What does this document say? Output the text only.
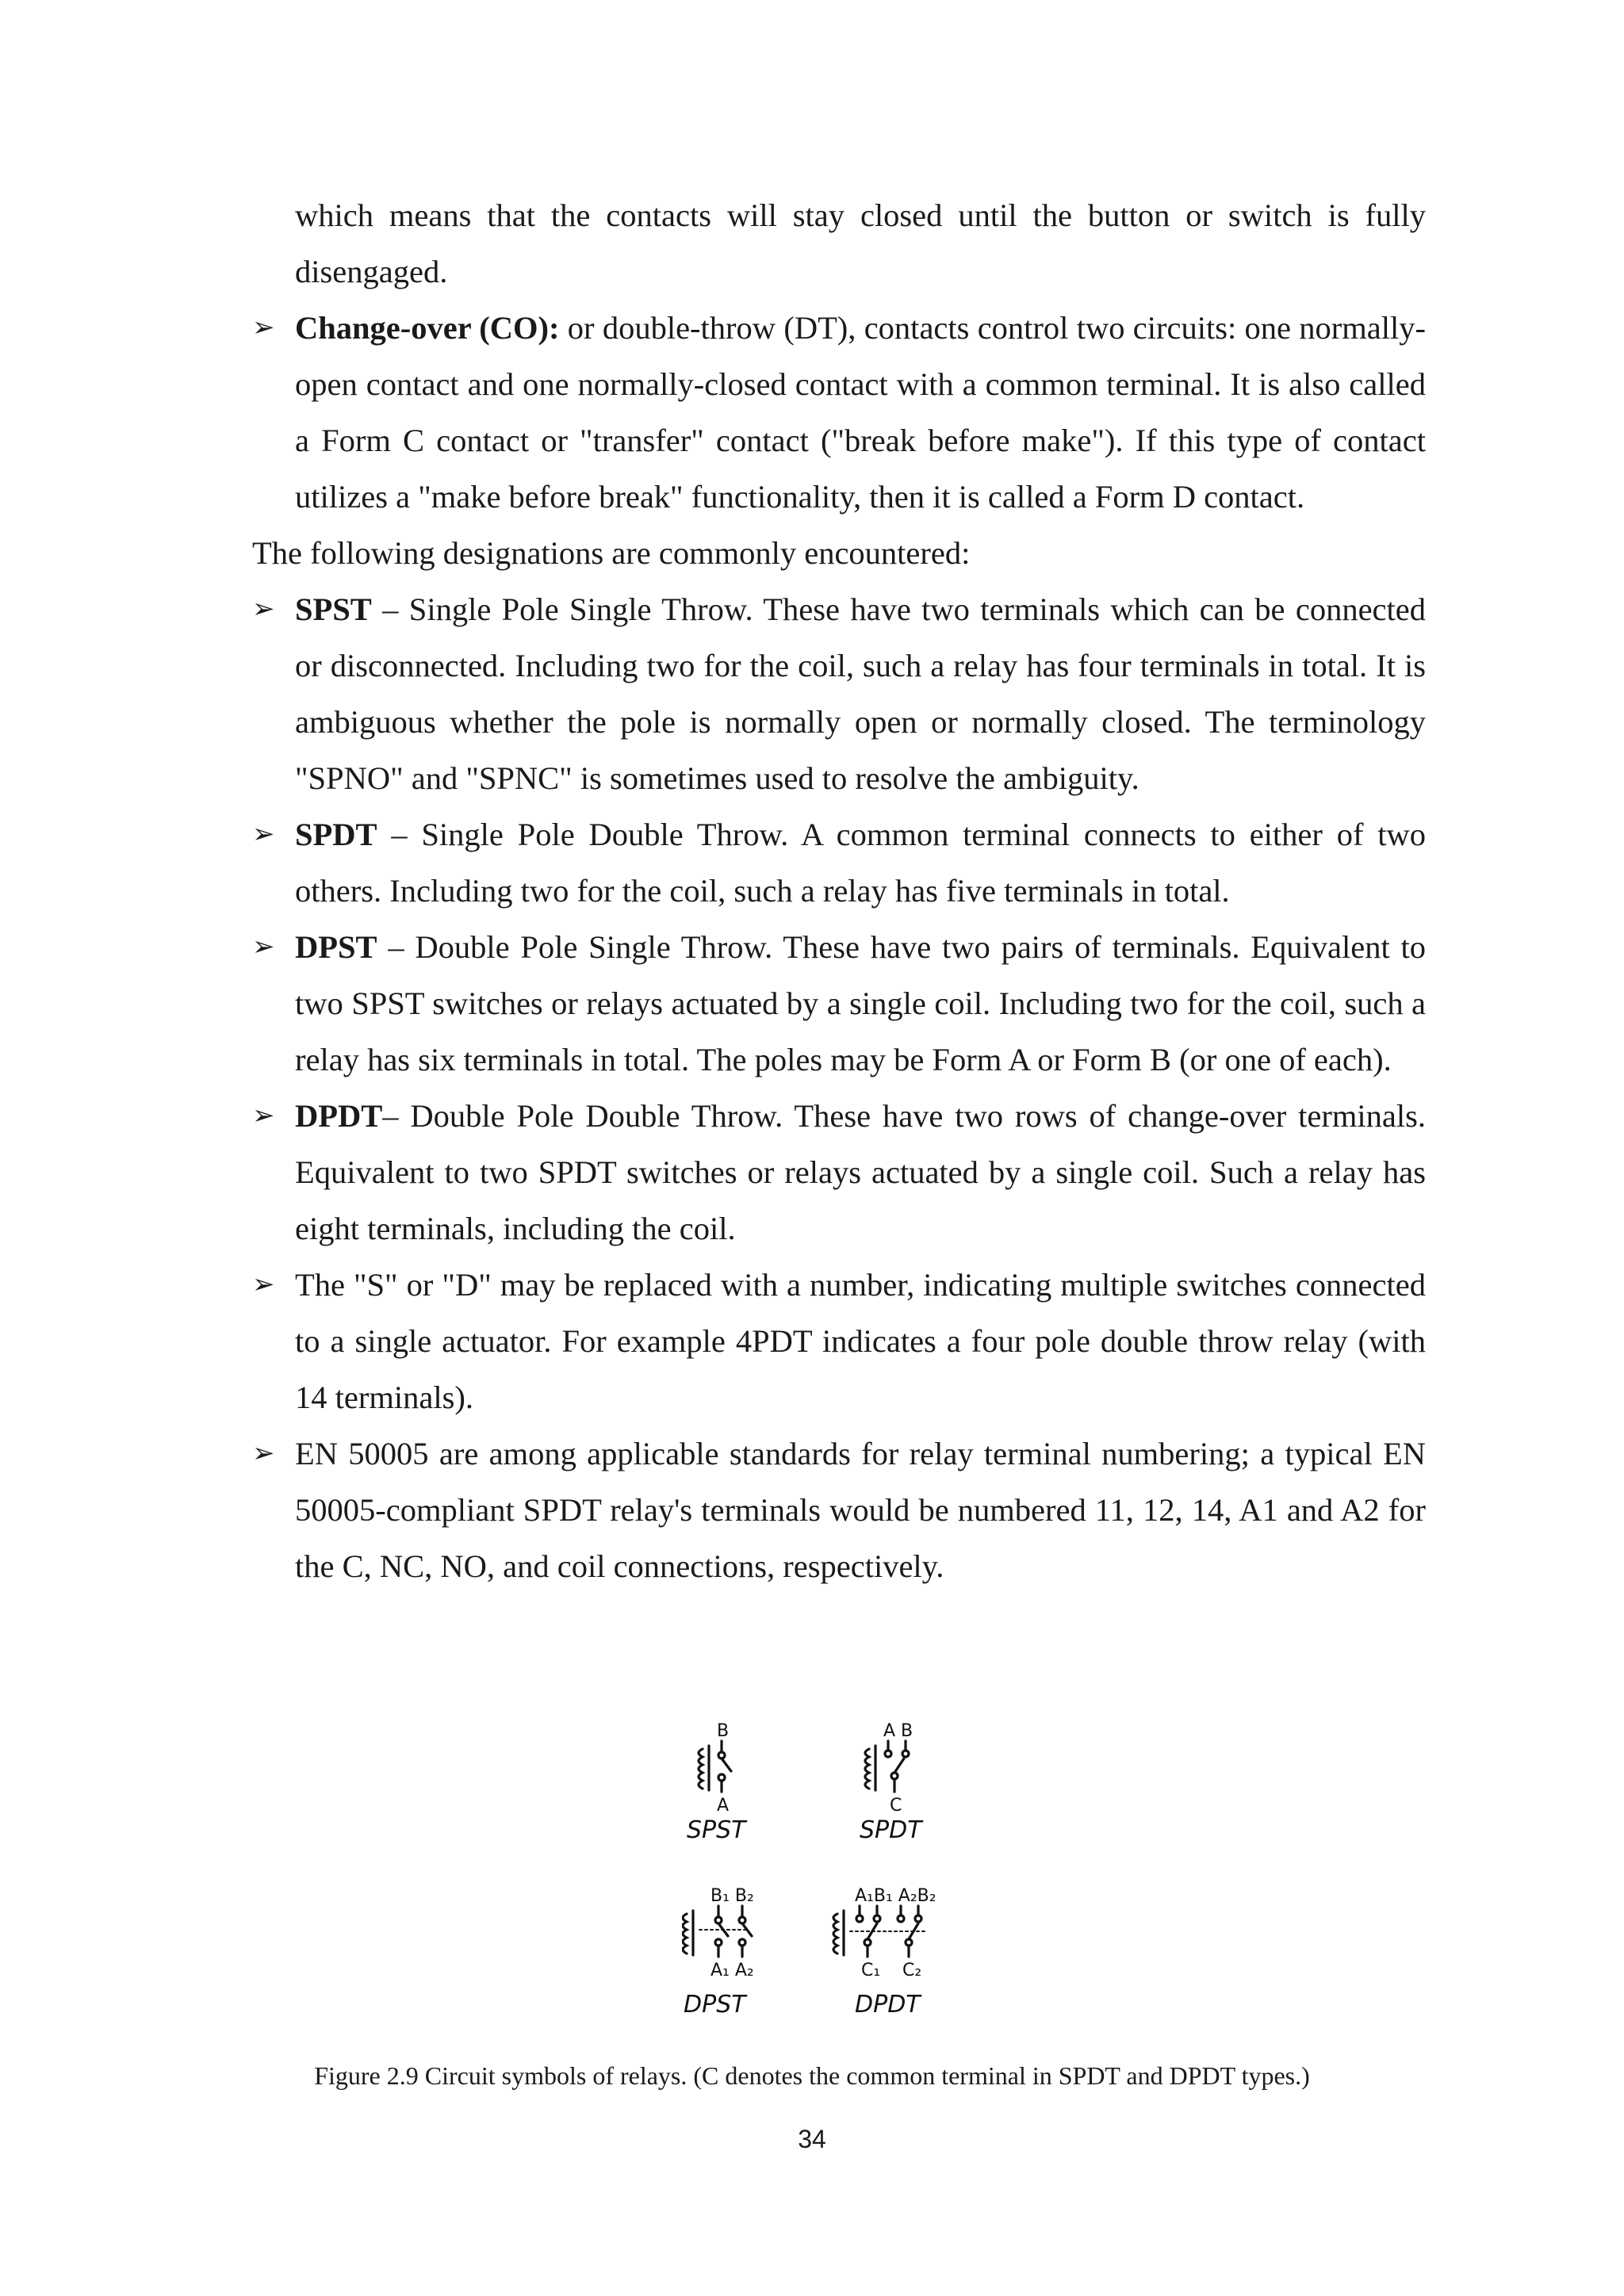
which means that the contacts will stay closed until the button or switch is fully disengaged.

➢ Change-over (CO): or double-throw (DT), contacts control two circuits: one normally-open contact and one normally-closed contact with a common terminal. It is also called a Form C contact or "transfer" contact ("break before make"). If this type of contact utilizes a "make before break" functionality, then it is called a Form D contact.

The following designations are commonly encountered:

➢ SPST – Single Pole Single Throw. These have two terminals which can be connected or disconnected. Including two for the coil, such a relay has four terminals in total. It is ambiguous whether the pole is normally open or normally closed. The terminology "SPNO" and "SPNC" is sometimes used to resolve the ambiguity.

➢ SPDT – Single Pole Double Throw. A common terminal connects to either of two others. Including two for the coil, such a relay has five terminals in total.

➢ DPST – Double Pole Single Throw. These have two pairs of terminals. Equivalent to two SPST switches or relays actuated by a single coil. Including two for the coil, such a relay has six terminals in total. The poles may be Form A or Form B (or one of each).

➢ DPDT– Double Pole Double Throw. These have two rows of change-over terminals. Equivalent to two SPDT switches or relays actuated by a single coil. Such a relay has eight terminals, including the coil.

➢ The "S" or "D" may be replaced with a number, indicating multiple switches connected to a single actuator. For example 4PDT indicates a four pole double throw relay (with 14 terminals).

➢ EN 50005 are among applicable standards for relay terminal numbering; a typical EN 50005-compliant SPDT relay's terminals would be numbered 11, 12, 14, A1 and A2 for the C, NC, NO, and coil connections, respectively.

B
A
SPST
A B
C
SPDT
B₁ B₂
A₁ A₂
DPST
A₁B₁ A₂B₂
C₁ C₂
DPDT
Figure 2.9 Circuit symbols of relays. (C denotes the common terminal in SPDT and DPDT types.)
34
